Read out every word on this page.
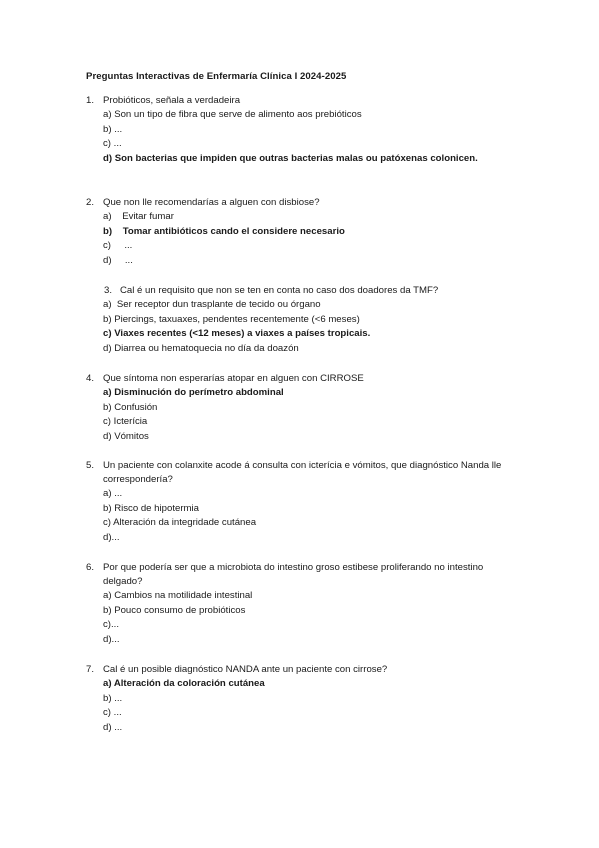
Preguntas Interactivas de Enfermaría Clínica I 2024-2025
1. Probióticos, señala a verdadeira
a) Son un tipo de fibra que serve de alimento aos prebióticos
b) ...
c) ...
d) Son bacterias que impiden que outras bacterias malas ou patóxenas colonicen.
2. Que non lle recomendarías a alguen con disbiose?
a)    Evitar fumar
b)    Tomar antibióticos cando el considere necesario
c)     ...
d)     ...
3. Cal é un requisito que non se ten en conta no caso dos doadores da TMF?
a)  Ser receptor dun trasplante de tecido ou órgano
b) Piercings, taxuaxes, pendentes recentemente (<6 meses)
c) Viaxes recentes (<12 meses) a viaxes a países tropicais.
d) Diarrea ou hematoquecia no día da doazón
4. Que síntoma non esperarías atopar en alguen con CIRROSE
a) Disminución do perímetro abdominal
b) Confusión
c) Icterícia
d) Vómitos
5. Un paciente con colanxite acode á consulta con icterícia e vómitos, que diagnóstico Nanda lle correspondería?
a) ...
b) Risco de hipotermia
c) Alteración da integridade cutánea
d)...
6. Por que podería ser que a microbiota do intestino groso estibese proliferando no intestino delgado?
a) Cambios na motilidade intestinal
b) Pouco consumo de probióticos
c)...
d)...
7. Cal é un posible diagnóstico NANDA ante un paciente con cirrose?
a) Alteración da coloración cutánea
b) ...
c) ...
d) ...
